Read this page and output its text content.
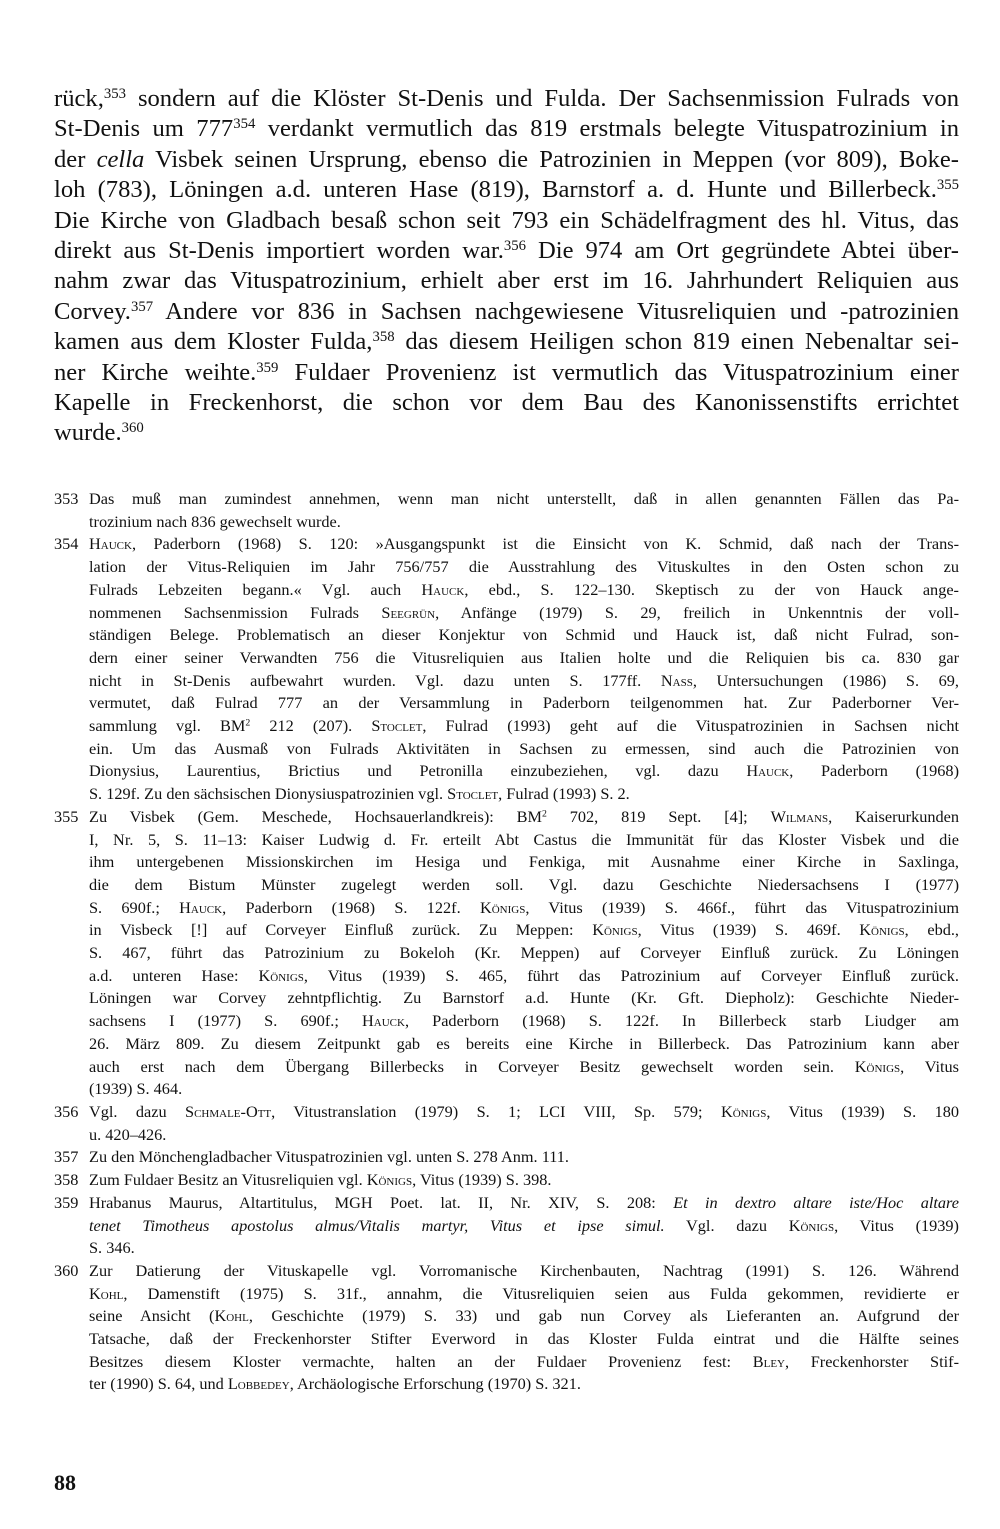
rück,$^{353}$ sondern auf die Klöster St-Denis und Fulda. Der Sachsenmission Fulrads von
St-Denis um $777^{354}$ verdankt vermutlich das 819 erstmals belegte Vituspatrozinium in
der cella Visbek seinen Ursprung, ebenso die Patrozinien in Meppen (vor 809), Boke-
loh (783), Löningen a.d. unteren Hase (819), Barnstorf a. d. Hunte und Billerbeck.$^{355}$
Die Kirche von Gladbach besaß schon seit 793 ein Schädelfragment des hl. Vitus, das
direkt aus St-Denis importiert worden war.$^{356}$ Die 974 am Ort gegründete Abtei über-
nahm zwar das Vituspatrozinium, erhielt aber erst im 16. Jahrhundert Reliquien aus
Corvey.$^{357}$ Andere vor 836 in Sachsen nachgewiesene Vitusreliquien und -patrozinien
kamen aus dem Kloster Fulda,$^{358}$ das diesem Heiligen schon 819 einen Nebenaltar sei-
ner Kirche weihte.$^{359}$ Fuldaer Provenienz ist vermutlich das Vituspatrozinium einer
Kapelle in Freckenhorst, die schon vor dem Bau des Kanonissenstifts errichtet
wurde.$^{360}$
353 Das muß man zumindest annehmen, wenn man nicht unterstellt, daß in allen genannten Fällen das Pa-
trozinium nach 836 gewechselt wurde.
354 Hauck, Paderborn (1968) S. 120: »Ausgangspunkt ist die Einsicht von K. Schmid, daß nach der Trans-
lation der Vitus-Reliquien im Jahr 756/757 die Ausstrahlung des Vituskultes in den Osten schon zu
Fulrads Lebzeiten begann.« Vgl. auch Hauck, ebd., S. 122–130. Skeptisch zu der von Hauck ange-
nommenen Sachsenmission Fulrads Seegrün, Anfänge (1979) S. 29, freilich in Unkenntnis der voll-
ständigen Belege. Problematisch an dieser Konjektur von Schmid und Hauck ist, daß nicht Fulrad, son-
dern einer seiner Verwandten 756 die Vitusreliquien aus Italien holte und die Reliquien bis ca. 830 gar
nicht in St-Denis aufbewahrt wurden. Vgl. dazu unten S. 177ff. Nass, Untersuchungen (1986) S. 69,
vermutet, daß Fulrad 777 an der Versammlung in Paderborn teilgenommen hat. Zur Paderborner Ver-
sammlung vgl. $BM^2$ 212 (207). Stoclet, Fulrad (1993) geht auf die Vituspatrozinien in Sachsen nicht
ein. Um das Ausmaß von Fulrads Aktivitäten in Sachsen zu ermessen, sind auch die Patrozinien von
Dionysius, Laurentius, Brictius und Petronilla einzubeziehen, vgl. dazu Hauck, Paderborn (1968)
S. 129f. Zu den sächsischen Dionysiuspatrozinien vgl. Stoclet, Fulrad (1993) S. 2.
355 Zu Visbek (Gem. Meschede, Hochsauerlandkreis): $BM^2$ 702, 819 Sept. [4]; Wilmans, Kaiserurkunden
I, Nr. 5, S. 11–13: Kaiser Ludwig d. Fr. erteilt Abt Castus die Immunität für das Kloster Visbek und die
ihm untergebenen Missionskirchen im Hesiga und Fenkiga, mit Ausnahme einer Kirche in Saxlinga,
die dem Bistum Münster zugelegt werden soll. Vgl. dazu Geschichte Niedersachsens I (1977)
S. 690f.; Hauck, Paderborn (1968) S. 122f. Königs, Vitus (1939) S. 466f., führt das Vituspatrozinium
in Visbeck [!] auf Corveyer Einfluß zurück. Zu Meppen: Königs, Vitus (1939) S. 469f. Königs, ebd.,
S. 467, führt das Patrozinium zu Bokeloh (Kr. Meppen) auf Corveyer Einfluß zurück. Zu Löningen
a.d. unteren Hase: Königs, Vitus (1939) S. 465, führt das Patrozinium auf Corveyer Einfluß zurück.
Löningen war Corvey zehntpflichtig. Zu Barnstorf a.d. Hunte (Kr. Gft. Diepholz): Geschichte Nieder-
sachsens I (1977) S. 690f.; Hauck, Paderborn (1968) S. 122f. In Billerbeck starb Liudger am
26. März 809. Zu diesem Zeitpunkt gab es bereits eine Kirche in Billerbeck. Das Patrozinium kann aber
auch erst nach dem Übergang Billerbecks in Corveyer Besitz gewechselt worden sein. Königs, Vitus
(1939) S. 464.
356 Vgl. dazu Schmale-Ott, Vitustranslation (1979) S. 1; LCI VIII, Sp. 579; Königs, Vitus (1939) S. 180
u. 420–426.
357 Zu den Mönchengladbacher Vituspatrozinien vgl. unten S. 278 Anm. 111.
358 Zum Fuldaer Besitz an Vitusreliquien vgl. Königs, Vitus (1939) S. 398.
359 Hrabanus Maurus, Altartitulus, MGH Poet. lat. II, Nr. XIV, S. 208: Et in dextro altare iste/Hoc altare
tenet Timotheus apostolus almus/Vitalis martyr, Vitus et ipse simul. Vgl. dazu Königs, Vitus (1939)
S. 346.
360 Zur Datierung der Vituskapelle vgl. Vorromanische Kirchenbauten, Nachtrag (1991) S. 126. Während
Kohl, Damenstift (1975) S. 31f., annahm, die Vitusreliquien seien aus Fulda gekommen, revidierte er
seine Ansicht (Kohl, Geschichte (1979) S. 33) und gab nun Corvey als Lieferanten an. Aufgrund der
Tatsache, daß der Freckenhorster Stifter Everword in das Kloster Fulda eintrat und die Hälfte seines
Besitzes diesem Kloster vermachte, halten an der Fuldaer Provenienz fest: Bley, Freckenhorster Stif-
ter (1990) S. 64, und Lobbedey, Archäologische Erforschung (1970) S. 321.
88
